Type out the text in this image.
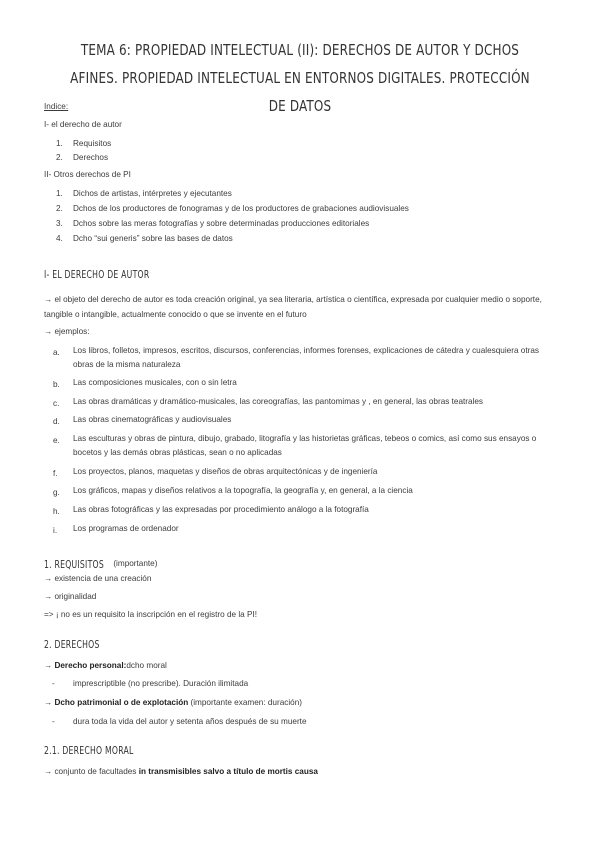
TEMA 6: PROPIEDAD INTELECTUAL (II): DERECHOS DE AUTOR Y DCHOS AFINES. PROPIEDAD INTELECTUAL EN ENTORNOS DIGITALES. PROTECCIÓN DE DATOS
Indice:
I- el derecho de autor
1. Requisitos
2. Derechos
II- Otros derechos de PI
1. Dichos de artistas, intérpretes y ejecutantes
2. Dchos de los productores de fonogramas y de los productores de grabaciones audiovisuales
3. Dchos sobre las meras fotografías y sobre determinadas producciones editoriales
4. Dcho “sui generis” sobre las bases de datos
I- EL DERECHO DE AUTOR
→ el objeto del derecho de autor es toda creación original, ya sea literaria, artística o científica, expresada por cualquier medio o soporte, tangible o intangible, actualmente conocido o que se invente en el futuro
→ ejemplos:
a. Los libros, folletos, impresos, escritos, discursos, conferencias, informes forenses, explicaciones de cátedra y cualesquiera otras obras de la misma naturaleza
b. Las composiciones musicales, con o sin letra
c. Las obras dramáticas y dramático-musicales, las coreografías, las pantomimas y , en general, las obras teatrales
d. Las obras cinematográficas y audiovisuales
e. Las esculturas y obras de pintura, dibujo, grabado, litografía y las historietas gráficas, tebeos o comics, así como sus ensayos o bocetos y las demás obras plásticas, sean o no aplicadas
f. Los proyectos, planos, maquetas y diseños de obras arquitectónicas y de ingeniería
g. Los gráficos, mapas y diseños relativos a la topografía, la geografía y, en general, a la ciencia
h. Las obras fotográficas y las expresadas por procedimiento análogo a la fotografía
i. Los programas de ordenador
1. REQUISITOS (importante)
→ existencia de una creación
→ originalidad
=> ¡ no es un requisito la inscripción en el registro de la PI!
2. DERECHOS
→ Derecho personal:dcho moral
- imprescriptible (no prescribe). Duración ilimitada
→ Dcho patrimonial o de explotación (importante examen: duración)
- dura toda la vida del autor y setenta años después de su muerte
2.1. DERECHO MORAL
→ conjunto de facultades in transmisibles salvo a título de mortis causa
